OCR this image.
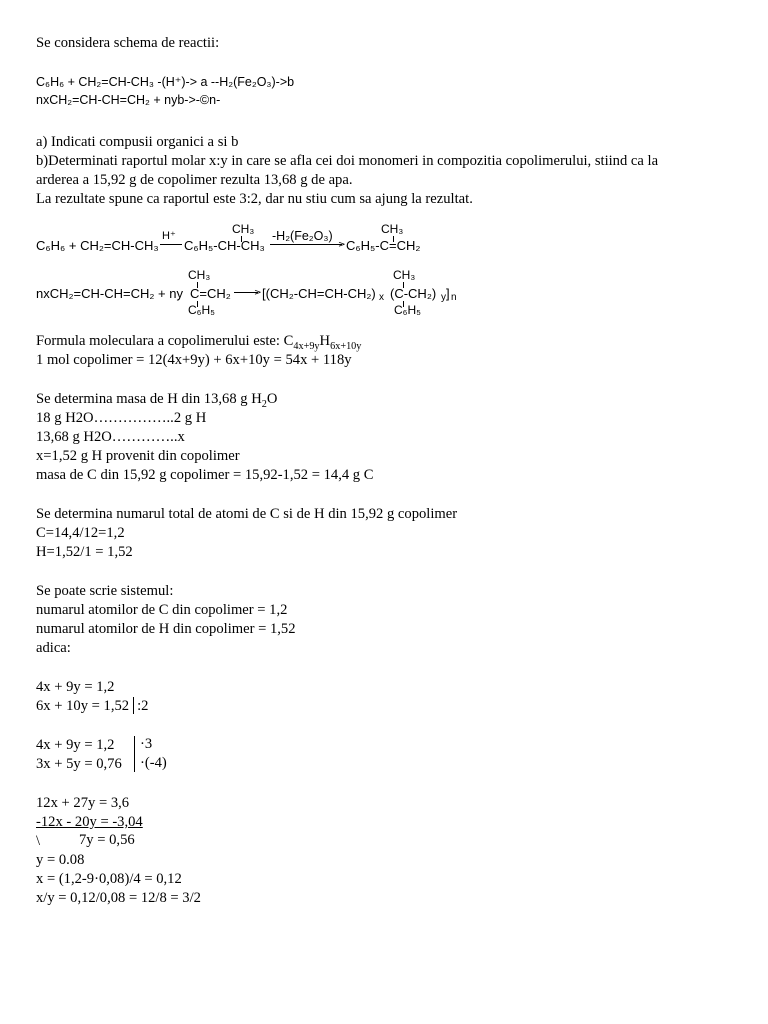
Se considera schema de reactii:
C₆H₆ + CH₂=CH-CH₃ -(H⁺)-> a --H₂(Fe₂O₃)->b
nxCH₂=CH-CH=CH₂ + nyb->-©n-
a) Indicati compusii organici a si b
b)Determinati raportul molar x:y in care se afla cei doi monomeri in compozitia copolimerului, stiind ca la
arderea a 15,92 g de copolimer rezulta 13,68 g de apa.
La rezultate spune ca raportul este 3:2, dar nu stiu cum sa ajung la rezultat.
C₆H₆ + CH₂=CH-CH₃
H⁺	CH₃
C₆H₅-CH-CH₃
-H₂(Fe₂O₃)
>
CH₃
C₆H₅-C=CH₂
nxCH₂=CH-CH=CH₂ + ny
CH₃
C=CH₂
C₆H₅
> [(CH₂-CH=CH-CH₂) x
CH₃
(C-CH₂)
C₆H₅
y ] n
Formula moleculara a copolimerului este: $C_{4x+9y}H_{6x+10y}$
1 mol copolimer = 12(4x+9y) + 6x+10y = 54x + 118y
Se determina masa de H din 13,68 g $H_2O$
18 g H2O……………..2 g H
13,68 g H2O…………..x
x=1,52 g H provenit din copolimer
masa de C din 15,92 g copolimer = 15,92-1,52 = 14,4 g C
Se determina numarul total de atomi de C si de H din 15,92 g copolimer
C=14,4/12=1,2
H=1,52/1 = 1,52
Se poate scrie sistemul:
numarul atomilor de C din copolimer = 1,2
numarul atomilor de H din copolimer = 1,52
adica:
4x + 9y = 1,2
6x + 10y = 1,52 :2
4x + 9y = 1,2 ·3
3x + 5y = 0,76 ·(-4)
12x + 27y = 3,6
-12x - 20y = -3,04
\	7y = 0,56
y = 0.08
x = (1,2-9·0,08)/4 = 0,12
x/y = 0,12/0,08 = 12/8 = 3/2
